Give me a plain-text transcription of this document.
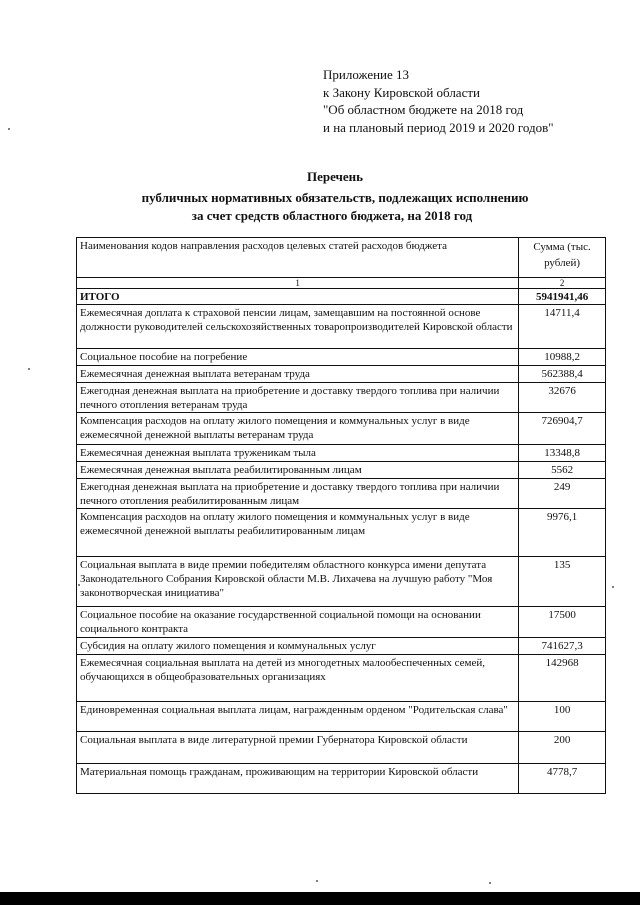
Приложение 13
к Закону Кировской области
"Об областном бюджете на 2018 год
и на плановый период 2019 и 2020 годов"
Перечень
публичных нормативных обязательств, подлежащих исполнению
за счет средств областного бюджета, на 2018 год
Наименования кодов направления расходов целевых статей расходов бюджета	Сумма (тыс. рублей)
1	2
ИТОГО	5941941,46
Ежемесячная доплата к страховой пенсии лицам, замещавшим на постоянной основе должности руководителей сельскохозяйственных товаропроизводителей Кировской области	14711,4
Социальное пособие на погребение	10988,2
Ежемесячная денежная выплата ветеранам труда	562388,4
Ежегодная денежная выплата на приобретение и доставку твердого топлива при наличии печного отопления ветеранам труда	32676
Компенсация расходов на оплату жилого помещения и коммунальных услуг в виде ежемесячной денежной выплаты ветеранам труда	726904,7
Ежемесячная денежная выплата труженикам тыла	13348,8
Ежемесячная денежная выплата реабилитированным лицам	5562
Ежегодная денежная выплата на приобретение и доставку твердого топлива при наличии печного отопления реабилитированным лицам	249
Компенсация расходов на оплату жилого помещения и коммунальных услуг в виде ежемесячной денежной выплаты реабилитированным лицам	9976,1
Социальная выплата в виде премии победителям областного конкурса имени депутата Законодательного Собрания Кировской области М.В. Лихачева на лучшую работу "Моя законотворческая инициатива"	135
Социальное пособие на оказание государственной социальной помощи на основании социального контракта	17500
Субсидия на оплату жилого помещения и коммунальных услуг	741627,3
Ежемесячная социальная выплата на детей из многодетных малообеспеченных семей, обучающихся в общеобразовательных организациях	142968
Единовременная социальная выплата лицам, награжденным орденом "Родительская слава"	100
Социальная выплата в виде литературной премии Губернатора Кировской области	200
Материальная помощь гражданам, проживающим на территории Кировской области	4778,7
